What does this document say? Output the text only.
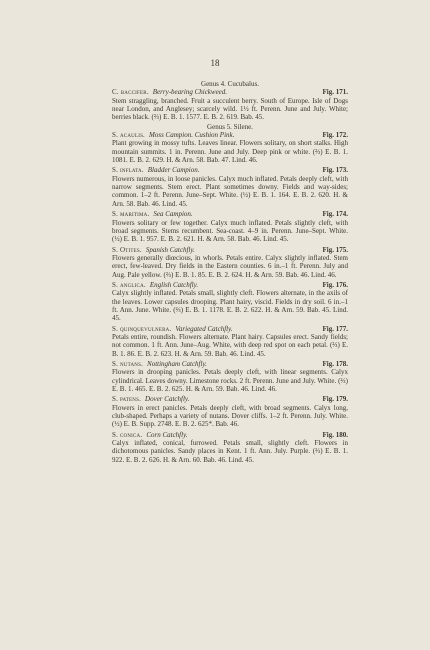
18
Genus 4. Cucubalus.
C. baccifer. Berry-bearing Chickweed.	Fig. 171.
Stem straggling, branched. Fruit a succulent berry. South of Europe. Isle of Dogs near London, and Anglesey; scarcely wild. 1½ ft. Perenn. June and July. White; berries black. (⅔) E. B. 1. 1577. E. B. 2. 619. Bab. 45.
Genus 5. Silene.
S. acaulis. Moss Campion. Cushion Pink.	Fig. 172.
Plant growing in mossy tufts. Leaves linear. Flowers solitary, on short stalks. High mountain summits. 1 in. Perenn. June and July. Deep pink or white. (⅔) E. B. 1. 1081. E. B. 2. 629. H. & Arn. 58. Bab. 47. Lind. 46.
S. inflata. Bladder Campion.	Fig. 173.
Flowers numerous, in loose panicles. Calyx much inflated. Petals deeply cleft, with narrow segments. Stem erect. Plant sometimes downy. Fields and way-sides; common. 1–2 ft. Perenn. June–Sept. White. (½) E. B. 1. 164. E. B. 2. 620. H. & Arn. 58. Bab. 46. Lind. 45.
S. maritima. Sea Campion.	Fig. 174.
Flowers solitary or few together. Calyx much inflated. Petals slightly cleft, with broad segments. Stems recumbent. Sea-coast. 4–9 in. Perenn. June–Sept. White. (½) E. B. 1. 957. E. B. 2. 621. H. & Arn. 58. Bab. 46. Lind. 45.
S. Otites. Spanish Catchfly.	Fig. 175.
Flowers generally diœcious, in whorls. Petals entire. Calyx slightly inflated. Stem erect, few-leaved. Dry fields in the Eastern counties. 6 in.–1 ft. Perenn. July and Aug. Pale yellow. (⅔) E. B. 1. 85. E. B. 2. 624. H. & Arn. 59. Bab. 46. Lind. 46.
S. anglica. English Catchfly.	Fig. 176.
Calyx slightly inflated. Petals small, slightly cleft. Flowers alternate, in the axils of the leaves. Lower capsules drooping. Plant hairy, viscid. Fields in dry soil. 6 in.–1 ft. Ann. June. White. (⅔) E. B. 1. 1178. E. B. 2. 622. H. & Arn. 59. Bab. 45. Lind. 45.
S. quinquevulnera. Variegated Catchfly.	Fig. 177.
Petals entire, roundish. Flowers alternate. Plant hairy. Capsules erect. Sandy fields; not common. 1 ft. Ann. June–Aug. White, with deep red spot on each petal. (⅔) E. B. 1. 86. E. B. 2. 623. H. & Arn. 59. Bab. 46. Lind. 45.
S. nutans. Nottingham Catchfly.	Fig. 178.
Flowers in drooping panicles. Petals deeply cleft, with linear segments. Calyx cylindrical. Leaves downy. Limestone rocks. 2 ft. Perenn. June and July. White. (⅔) E. B. 1. 465. E. B. 2. 625. H. & Arn. 59. Bab. 46. Lind. 46.
S. patens. Dover Catchfly.	Fig. 179.
Flowers in erect panicles. Petals deeply cleft, with broad segments. Calyx long, club-shaped. Perhaps a variety of nutans. Dover cliffs. 1–2 ft. Perenn. July. White. (½) E. B. Supp. 2748. E. B. 2. 625*. Bab. 46.
S. conica. Corn Catchfly.	Fig. 180.
Calyx inflated, conical, furrowed. Petals small, slightly cleft. Flowers in dichotomous panicles. Sandy places in Kent. 1 ft. Ann. July. Purple. (⅔) E. B. 1. 922. E. B. 2. 626. H. & Arn. 60. Bab. 46. Lind. 45.
